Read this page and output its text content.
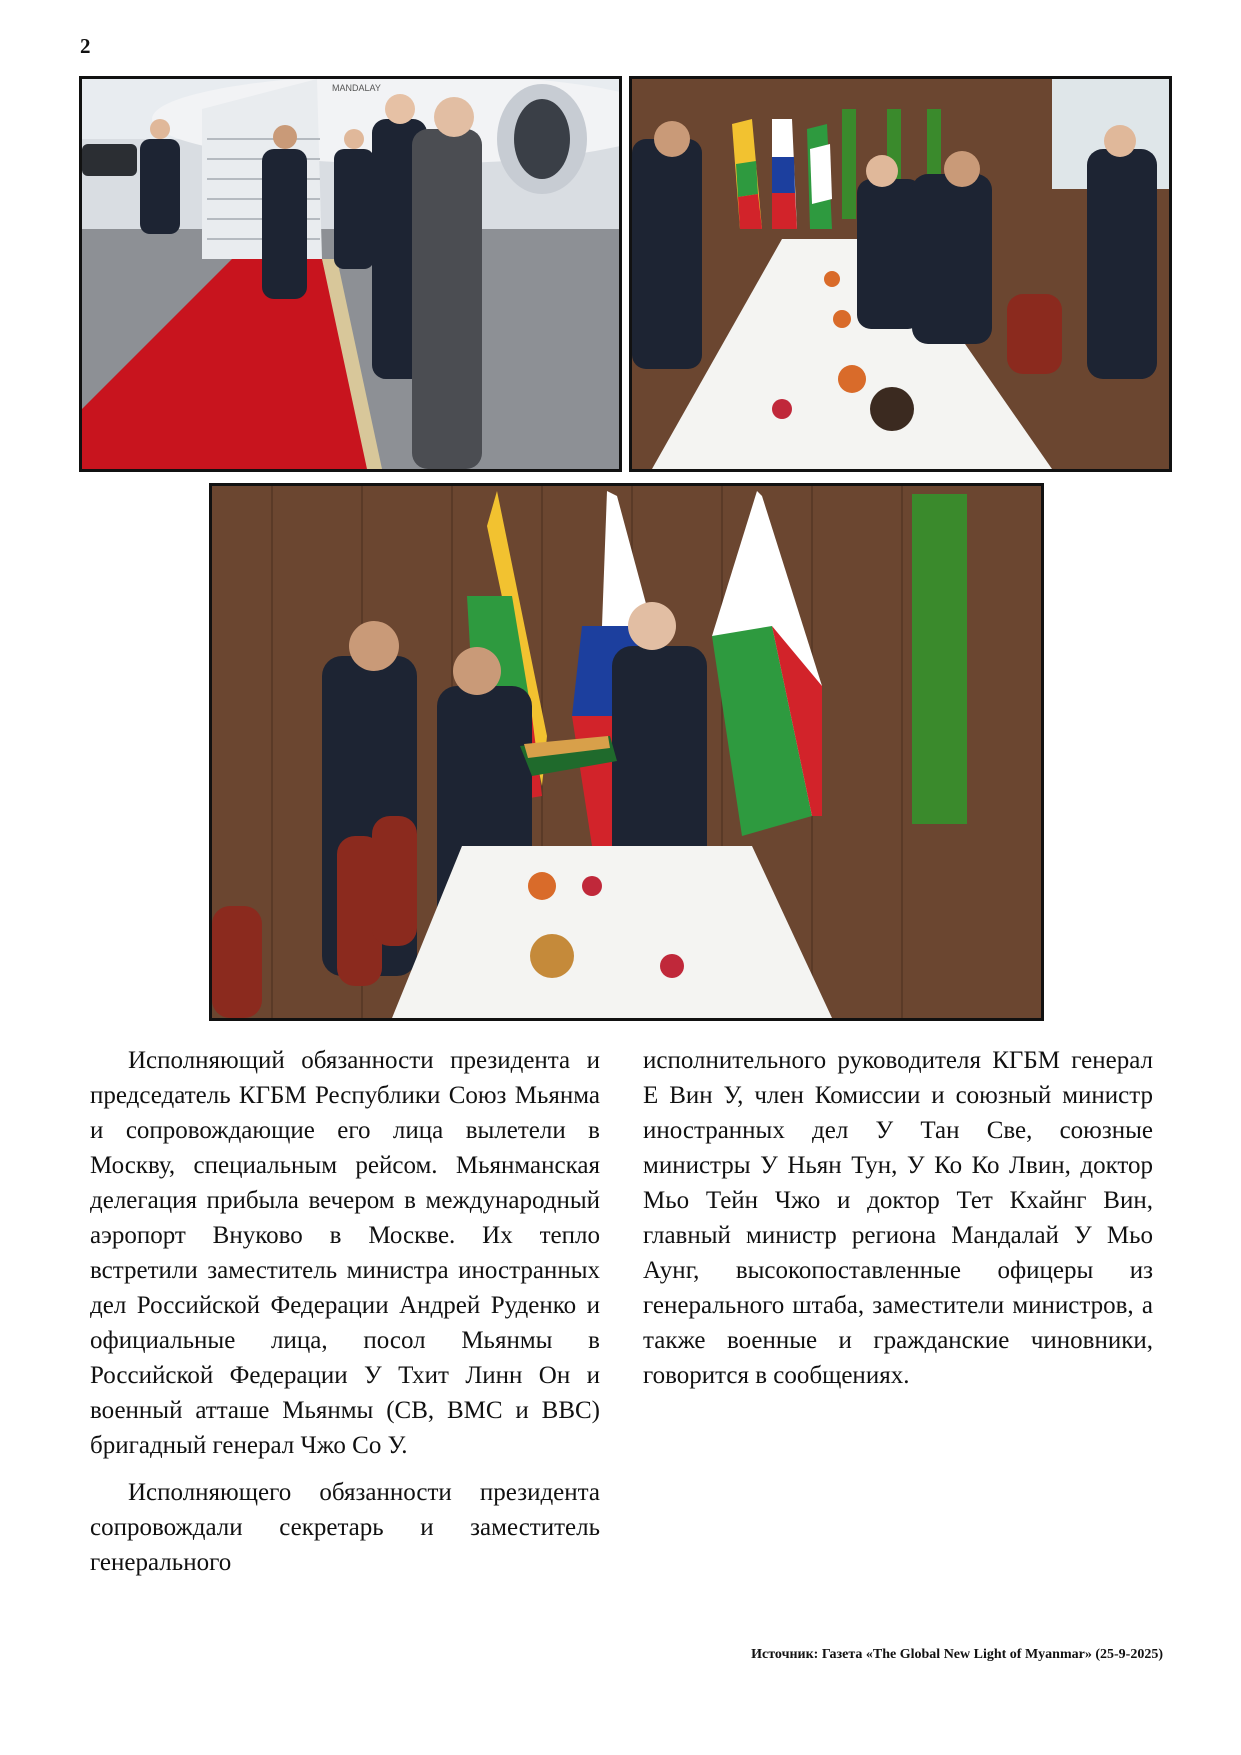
2
MANDALAY

Исполняющий обязанности президента и председатель КГБМ Республики Союз Мьянма и сопровождающие его лица вылетели в Москву, специальным рейсом. Мьянманская делегация прибыла вечером в международный аэропорт Внуково в Москве. Их тепло встретили заместитель министра иностранных дел Российской Федерации Андрей Руденко и официальные лица, посол Мьянмы в Российской Федерации У Тхит Линн Он и военный атташе Мьянмы (СВ, ВМС и ВВС) бригадный генерал Чжо Со У.

Исполняющего обязанности президента сопровождали секретарь и заместитель генерального

исполнительного руководителя КГБМ генерал Е Вин У, член Комиссии и союзный министр иностранных дел У Тан Све, союзные министры У Ньян Тун, У Ко Ко Лвин, доктор Мьо Тейн Чжо и доктор Тет Кхайнг Вин, главный министр региона Мандалай У Мьо Аунг, высокопоставленные офицеры из генерального штаба, заместители министров, а также военные и гражданские чиновники, говорится в сообщениях.

Источник: Газета «The Global New Light of Myanmar» (25-9-2025)
